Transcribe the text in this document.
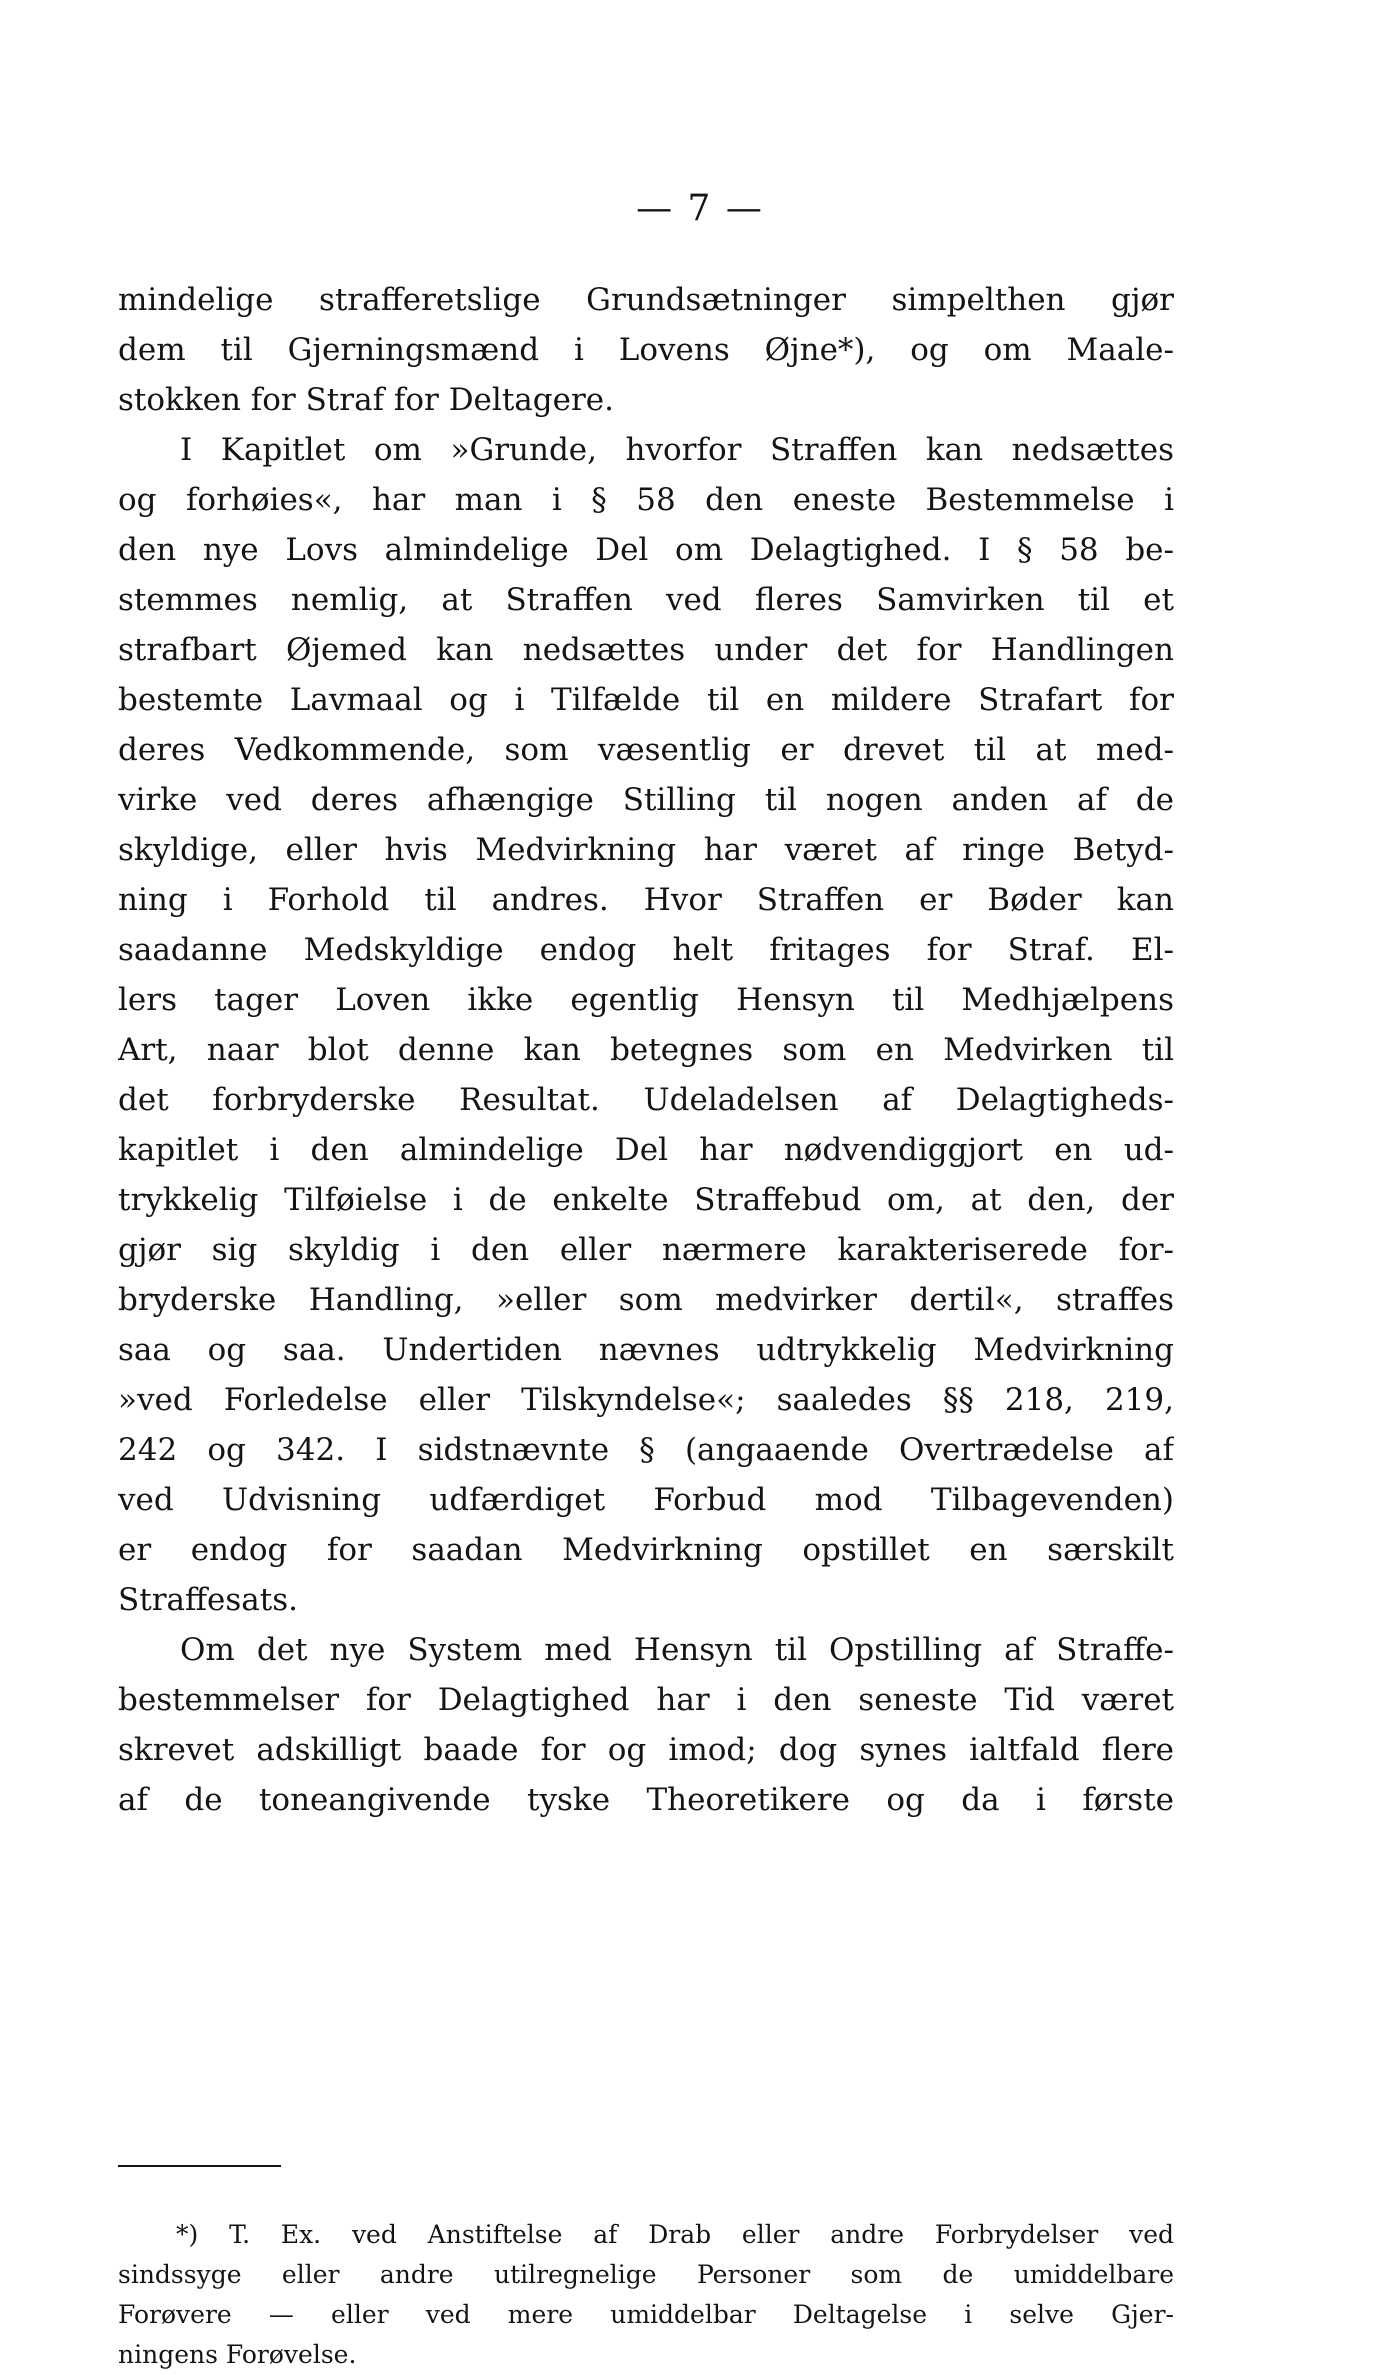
— 7 —
mindelige strafferetslige Grundsætninger simpelthen gjør
dem til Gjerningsmænd i Lovens Øjne*), og om Maale-
stokken for Straf for Deltagere.
I Kapitlet om »Grunde, hvorfor Straffen kan nedsættes
og forhøies«, har man i § 58 den eneste Bestemmelse i
den nye Lovs almindelige Del om Delagtighed. I § 58 be-
stemmes nemlig, at Straffen ved fleres Samvirken til et
strafbart Øjemed kan nedsættes under det for Handlingen
bestemte Lavmaal og i Tilfælde til en mildere Strafart for
deres Vedkommende, som væsentlig er drevet til at med-
virke ved deres afhængige Stilling til nogen anden af de
skyldige, eller hvis Medvirkning har været af ringe Betyd-
ning i Forhold til andres. Hvor Straffen er Bøder kan
saadanne Medskyldige endog helt fritages for Straf. El-
lers tager Loven ikke egentlig Hensyn til Medhjælpens
Art, naar blot denne kan betegnes som en Medvirken til
det forbryderske Resultat. Udeladelsen af Delagtigheds-
kapitlet i den almindelige Del har nødvendiggjort en ud-
trykkelig Tilføielse i de enkelte Straffebud om, at den, der
gjør sig skyldig i den eller nærmere karakteriserede for-
bryderske Handling, »eller som medvirker dertil«, straffes
saa og saa. Undertiden nævnes udtrykkelig Medvirkning
»ved Forledelse eller Tilskyndelse«; saaledes §§ 218, 219,
242 og 342. I sidstnævnte § (angaaende Overtrædelse af
ved Udvisning udfærdiget Forbud mod Tilbagevenden)
er endog for saadan Medvirkning opstillet en særskilt
Straffesats.
Om det nye System med Hensyn til Opstilling af Straffe-
bestemmelser for Delagtighed har i den seneste Tid været
skrevet adskilligt baade for og imod; dog synes ialtfald flere
af de toneangivende tyske Theoretikere og da i første
*) T. Ex. ved Anstiftelse af Drab eller andre Forbrydelser ved
sindssyge eller andre utilregnelige Personer som de umiddelbare
Forøvere — eller ved mere umiddelbar Deltagelse i selve Gjer-
ningens Forøvelse.
